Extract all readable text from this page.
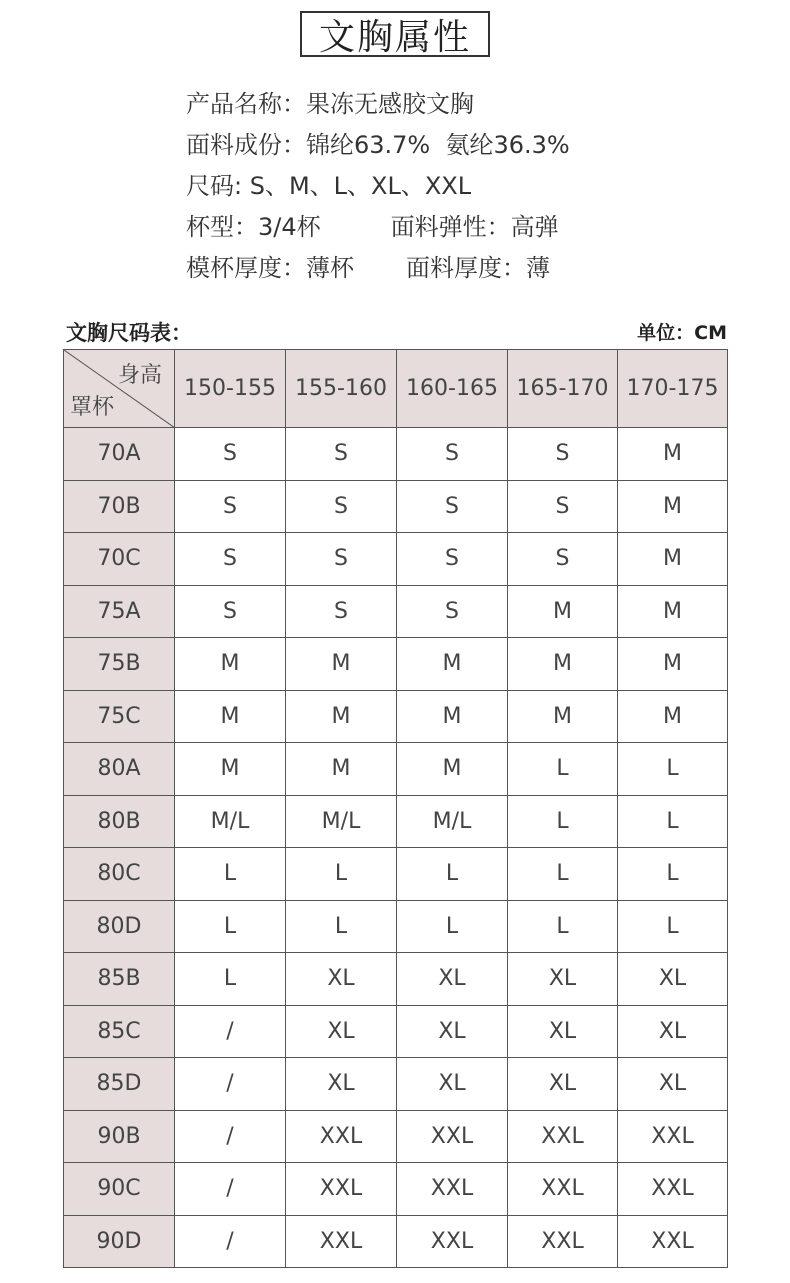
文胸属性
产品名称：果冻无感胶文胸
面料成份：锦纶63.7%  氨纶36.3%
尺码: S、M、L、XL、XXL
杯型：3/4杯	面料弹性：高弹
模杯厚度：薄杯 面料厚度：薄
文胸尺码表：	单位：CM
身高
罩杯	150-155	155-160	160-165	165-170	170-175
70A	S	S	S	S	M
70B	S	S	S	S	M
70C	S	S	S	S	M
75A	S	S	S	M	M
75B	M	M	M	M	M
75C	M	M	M	M	M
80A	M	M	M	L	L
80B	M/L	M/L	M/L	L	L
80C	L	L	L	L	L
80D	L	L	L	L	L
85B	L	XL	XL	XL	XL
85C	/	XL	XL	XL	XL
85D	/	XL	XL	XL	XL
90B	/	XXL	XXL	XXL	XXL
90C	/	XXL	XXL	XXL	XXL
90D	/	XXL	XXL	XXL	XXL
